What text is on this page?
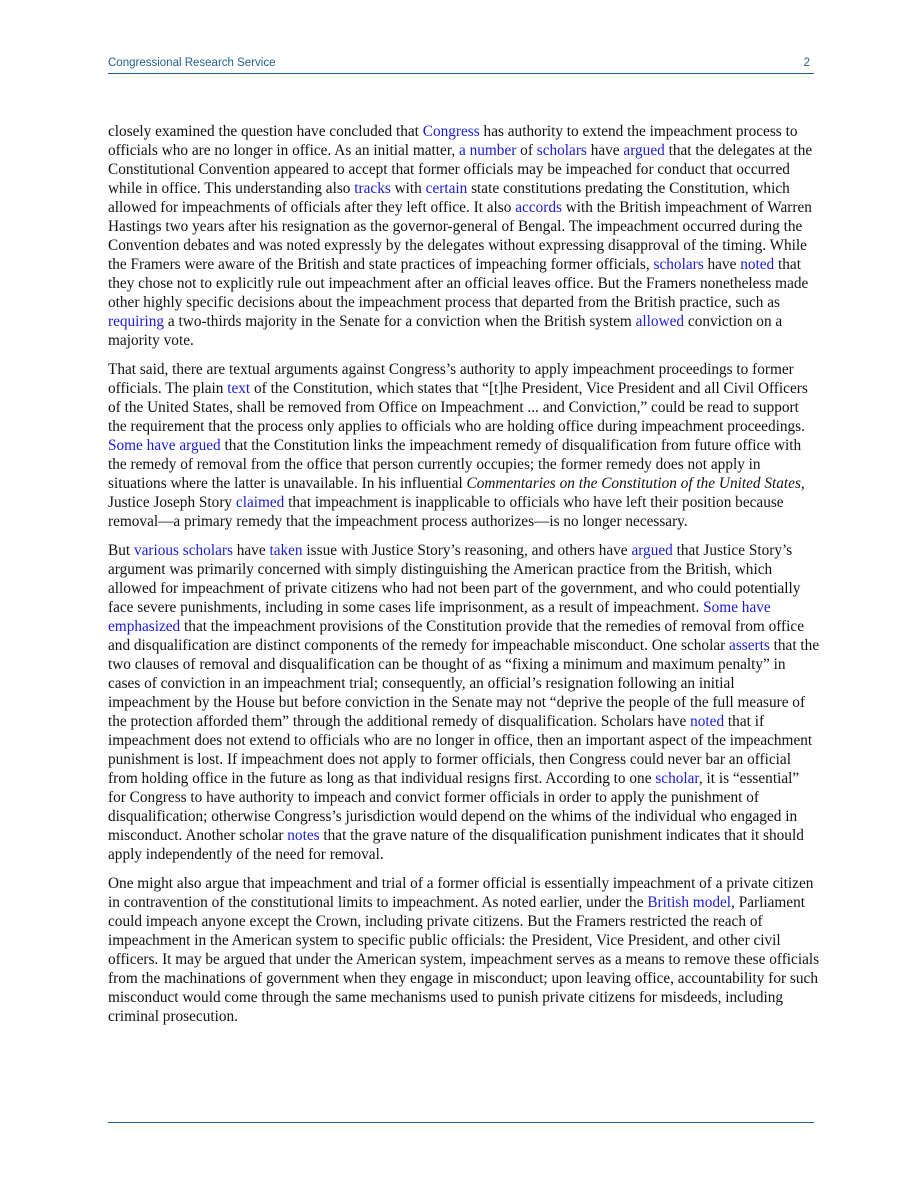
Congressional Research Service	2

closely examined the question have concluded that Congress has authority to extend the impeachment process to officials who are no longer in office. As an initial matter, a number of scholars have argued that the delegates at the Constitutional Convention appeared to accept that former officials may be impeached for conduct that occurred while in office. This understanding also tracks with certain state constitutions predating the Constitution, which allowed for impeachments of officials after they left office. It also accords with the British impeachment of Warren Hastings two years after his resignation as the governor-general of Bengal. The impeachment occurred during the Convention debates and was noted expressly by the delegates without expressing disapproval of the timing. While the Framers were aware of the British and state practices of impeaching former officials, scholars have noted that they chose not to explicitly rule out impeachment after an official leaves office. But the Framers nonetheless made other highly specific decisions about the impeachment process that departed from the British practice, such as requiring a two-thirds majority in the Senate for a conviction when the British system allowed conviction on a majority vote.

That said, there are textual arguments against Congress’s authority to apply impeachment proceedings to former officials. The plain text of the Constitution, which states that “[t]he President, Vice President and all Civil Officers of the United States, shall be removed from Office on Impeachment ... and Conviction,” could be read to support the requirement that the process only applies to officials who are holding office during impeachment proceedings. Some have argued that the Constitution links the impeachment remedy of disqualification from future office with the remedy of removal from the office that person currently occupies; the former remedy does not apply in situations where the latter is unavailable. In his influential Commentaries on the Constitution of the United States, Justice Joseph Story claimed that impeachment is inapplicable to officials who have left their position because removal—a primary remedy that the impeachment process authorizes—is no longer necessary.

But various scholars have taken issue with Justice Story’s reasoning, and others have argued that Justice Story’s argument was primarily concerned with simply distinguishing the American practice from the British, which allowed for impeachment of private citizens who had not been part of the government, and who could potentially face severe punishments, including in some cases life imprisonment, as a result of impeachment. Some have emphasized that the impeachment provisions of the Constitution provide that the remedies of removal from office and disqualification are distinct components of the remedy for impeachable misconduct. One scholar asserts that the two clauses of removal and disqualification can be thought of as “fixing a minimum and maximum penalty” in cases of conviction in an impeachment trial; consequently, an official’s resignation following an initial impeachment by the House but before conviction in the Senate may not “deprive the people of the full measure of the protection afforded them” through the additional remedy of disqualification. Scholars have noted that if impeachment does not extend to officials who are no longer in office, then an important aspect of the impeachment punishment is lost. If impeachment does not apply to former officials, then Congress could never bar an official from holding office in the future as long as that individual resigns first. According to one scholar, it is “essential” for Congress to have authority to impeach and convict former officials in order to apply the punishment of disqualification; otherwise Congress’s jurisdiction would depend on the whims of the individual who engaged in misconduct. Another scholar notes that the grave nature of the disqualification punishment indicates that it should apply independently of the need for removal.

One might also argue that impeachment and trial of a former official is essentially impeachment of a private citizen in contravention of the constitutional limits to impeachment. As noted earlier, under the British model, Parliament could impeach anyone except the Crown, including private citizens. But the Framers restricted the reach of impeachment in the American system to specific public officials: the President, Vice President, and other civil officers. It may be argued that under the American system, impeachment serves as a means to remove these officials from the machinations of government when they engage in misconduct; upon leaving office, accountability for such misconduct would come through the same mechanisms used to punish private citizens for misdeeds, including criminal prosecution.
